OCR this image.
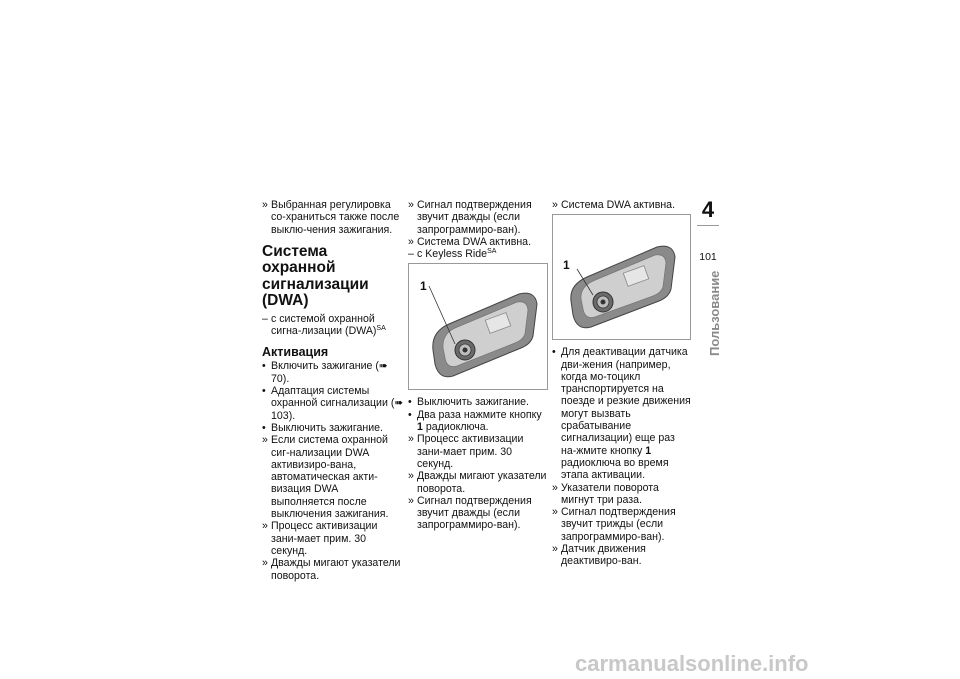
» Выбранная регулировка со-храниться также после выклю-чения зажигания.

Система охранной
сигнализации (DWA)

– с системой охранной сигна-лизации (DWA)$^{SA}$

Активация

• Включить зажигание (➠ 70).

• Адаптация системы охранной сигнализации (➠ 103).

• Выключить зажигание.

» Если система охранной сиг-нализации DWA активизиро-вана, автоматическая акти-визация DWA выполняется после выключения зажигания.

» Процесс активизации зани-мает прим. 30 секунд.

» Дважды мигают указатели поворота.

» Сигнал подтверждения звучит дважды (если запрограммиро-ван).

» Система DWA активна.

– с Keyless Ride$^{SA}$

1

• Выключить зажигание.

• Два раза нажмите кнопку 1 радиоключа.

» Процесс активизации зани-мает прим. 30 секунд.

» Дважды мигают указатели поворота.

» Сигнал подтверждения звучит дважды (если запрограммиро-ван).

» Система DWA активна.

1

• Для деактивации датчика дви-жения (например, когда мо-тоцикл транспортируется на поезде и резкие движения могут вызвать срабатывание сигнализации) еще раз на-жмите кнопку 1 радиоключа во время этапа активации.

» Указатели поворота мигнут три раза.

» Сигнал подтверждения звучит трижды (если запрограммиро-ван).

» Датчик движения деактивиро-ван.

4
101
Пользование
carmanualsonline.info
